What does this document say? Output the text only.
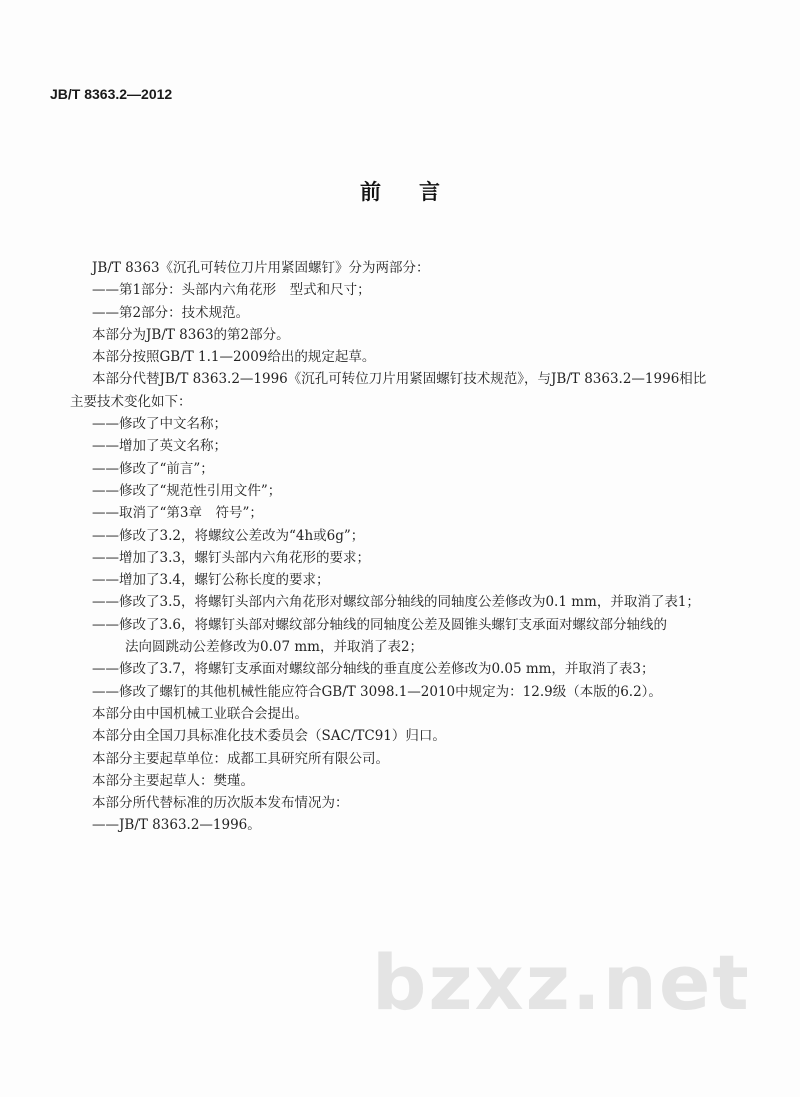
JB/T 8363.2—2012
前言
JB/T 8363《沉孔可转位刀片用紧固螺钉》分为两部分：
——第1部分：头部内六角花形　型式和尺寸；
——第2部分：技术规范。
本部分为JB/T 8363的第2部分。
本部分按照GB/T 1.1—2009给出的规定起草。
本部分代替JB/T 8363.2—1996《沉孔可转位刀片用紧固螺钉技术规范》，与JB/T 8363.2—1996相比
主要技术变化如下：
——修改了中文名称；
——增加了英文名称；
——修改了“前言”；
——修改了“规范性引用文件”；
——取消了“第3章　符号”；
——修改了3.2，将螺纹公差改为“4h或6g”；
——增加了3.3，螺钉头部内六角花形的要求；
——增加了3.4，螺钉公称长度的要求；
——修改了3.5，将螺钉头部内六角花形对螺纹部分轴线的同轴度公差修改为0.1 mm，并取消了表1；
——修改了3.6，将螺钉头部对螺纹部分轴线的同轴度公差及圆锥头螺钉支承面对螺纹部分轴线的
法向圆跳动公差修改为0.07 mm，并取消了表2；
——修改了3.7，将螺钉支承面对螺纹部分轴线的垂直度公差修改为0.05 mm，并取消了表3；
——修改了螺钉的其他机械性能应符合GB/T 3098.1—2010中规定为：12.9级（本版的6.2）。
本部分由中国机械工业联合会提出。
本部分由全国刀具标准化技术委员会（SAC/TC91）归口。
本部分主要起草单位：成都工具研究所有限公司。
本部分主要起草人：樊瑾。
本部分所代替标准的历次版本发布情况为：
——JB/T 8363.2—1996。
bzxz.net
